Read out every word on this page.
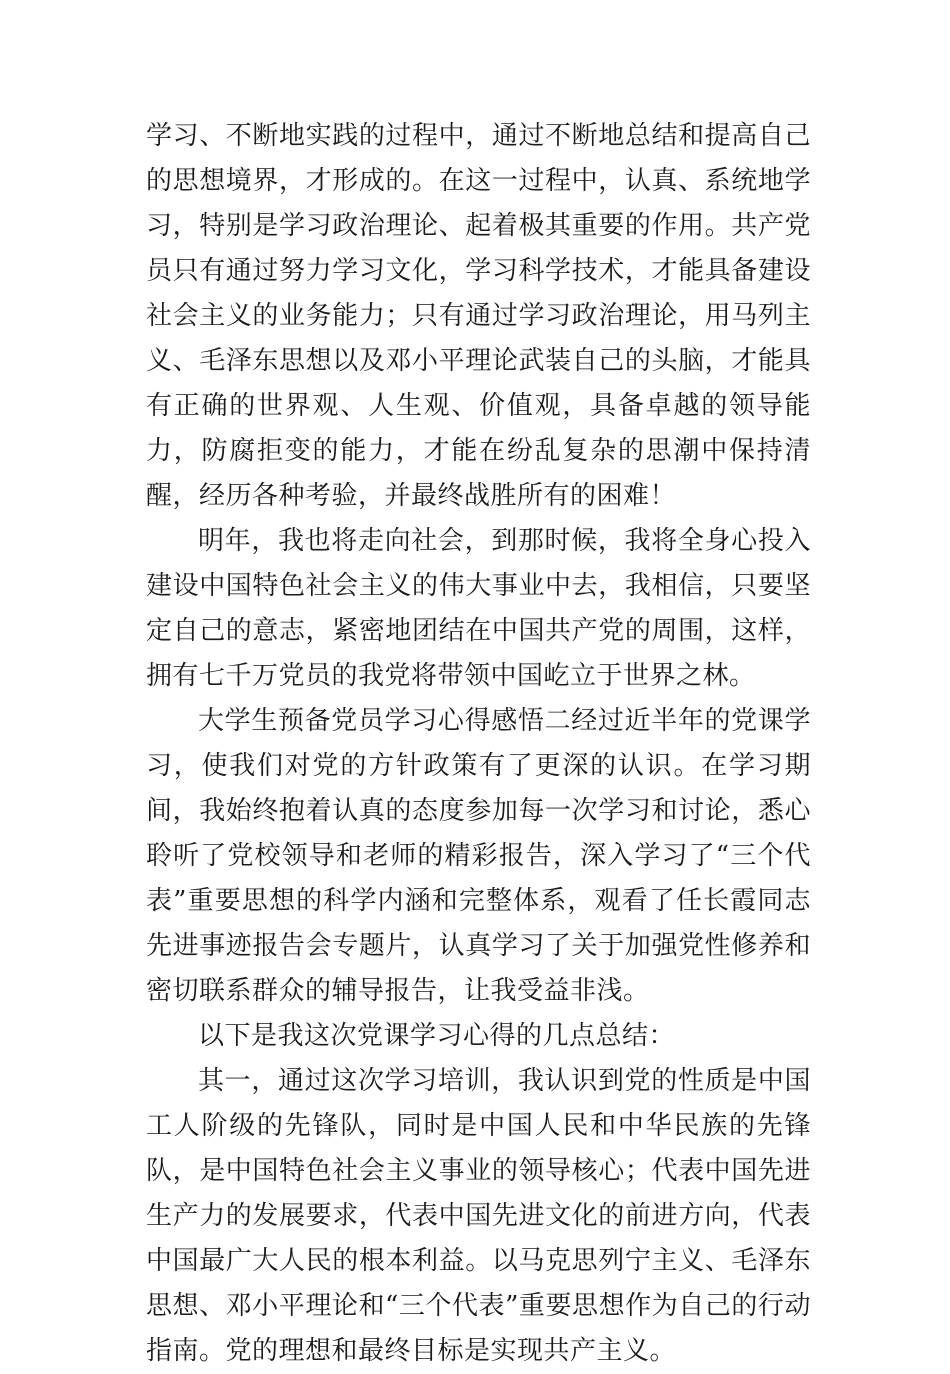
学习、不断地实践的过程中，通过不断地总结和提高自己的思想境界，才形成的。在这一过程中，认真、系统地学习，特别是学习政治理论、起着极其重要的作用。共产党员只有通过努力学习文化，学习科学技术，才能具备建设社会主义的业务能力；只有通过学习政治理论，用马列主义、毛泽东思想以及邓小平理论武装自己的头脑，才能具有正确的世界观、人生观、价值观，具备卓越的领导能力，防腐拒变的能力，才能在纷乱复杂的思潮中保持清醒，经历各种考验，并最终战胜所有的困难！

明年，我也将走向社会，到那时候，我将全身心投入建设中国特色社会主义的伟大事业中去，我相信，只要坚定自己的意志，紧密地团结在中国共产党的周围，这样，拥有七千万党员的我党将带领中国屹立于世界之林。

大学生预备党员学习心得感悟二经过近半年的党课学习，使我们对党的方针政策有了更深的认识。在学习期间，我始终抱着认真的态度参加每一次学习和讨论，悉心聆听了党校领导和老师的精彩报告，深入学习了“三个代表”重要思想的科学内涵和完整体系，观看了任长霞同志先进事迹报告会专题片，认真学习了关于加强党性修养和密切联系群众的辅导报告，让我受益非浅。

以下是我这次党课学习心得的几点总结：

其一，通过这次学习培训，我认识到党的性质是中国工人阶级的先锋队，同时是中国人民和中华民族的先锋队，是中国特色社会主义事业的领导核心；代表中国先进生产力的发展要求，代表中国先进文化的前进方向，代表中国最广大人民的根本利益。以马克思列宁主义、毛泽东思想、邓小平理论和“三个代表”重要思想作为自己的行动指南。党的理想和最终目标是实现共产主义。
